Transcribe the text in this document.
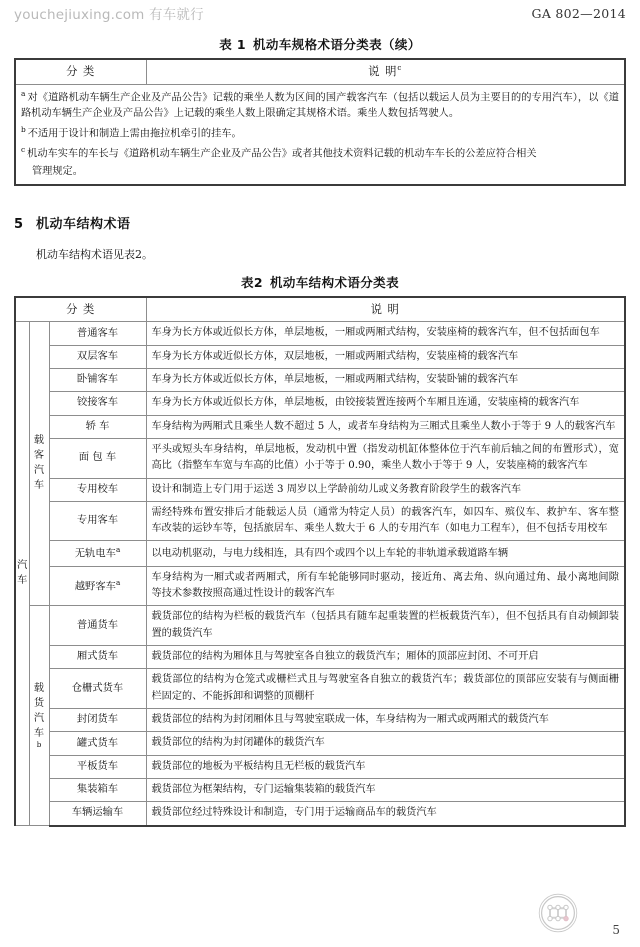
youchejiuxing.com 有车就行	GA 802—2014
表 1 机动车规格术语分类表（续）
分 类	说 明$^c$

$^a$ 对《道路机动车辆生产企业及产品公告》记载的乘坐人数为区间的国产载客汽车（包括以载运人员为主要目的的专用汽车），以《道路机动车辆生产企业及产品公告》上记载的乘坐人数上限确定其规格术语。乘坐人数包括驾驶人。
$^b$ 不适用于设计和制造上需由拖拉机牵引的挂车。
$^c$ 机动车实车的车长与《道路机动车辆生产企业及产品公告》或者其他技术资料记载的机动车车长的公差应符合相关
管理规定。
5 机动车结构术语
机动车结构术语见表2。
表2 机动车结构术语分类表
分 类			说 明

汽
车	载
客
汽
车	普通客车	车身为长方体或近似长方体，单层地板，一厢或两厢式结构，安装座椅的载客汽车，但不包括面包车
		双层客车	车身为长方体或近似长方体，双层地板，一厢或两厢式结构，安装座椅的载客汽车
		卧铺客车	车身为长方体或近似长方体，单层地板，一厢或两厢式结构，安装卧铺的载客汽车
		铰接客车	车身为长方体或近似长方体，单层地板，由铰接装置连接两个车厢且连通，安装座椅的载客汽车
		轿 车	车身结构为两厢式且乘坐人数不超过 5 人，或者车身结构为三厢式且乘坐人数小于等于 9 人的载客汽车
		面 包 车	平头或短头车身结构，单层地板，发动机中置（指发动机缸体整体位于汽车前后轴之间的布置形式），宽高比（指整车车宽与车高的比值）小于等于 0.90，乘坐人数小于等于 9 人，安装座椅的载客汽车
		专用校车	设计和制造上专门用于运送 3 周岁以上学龄前幼儿或义务教育阶段学生的载客汽车
		专用客车	需经特殊布置安排后才能载运人员（通常为特定人员）的载客汽车，如囚车、殡仪车、救护车、客车整车改装的运钞车等，包括旅居车、乘坐人数大于 6 人的专用汽车（如电力工程车），但不包括专用校车
		无轨电车$^a$	以电动机驱动，与电力线相连，具有四个或四个以上车轮的非轨道承载道路车辆
		越野客车$^a$	车身结构为一厢式或者两厢式，所有车轮能够同时驱动，接近角、离去角、纵向通过角、最小离地间隙等技术参数按照高通过性设计的载客汽车

	载
货
汽
车
b	普通货车	载货部位的结构为栏板的载货汽车（包括具有随车起重装置的栏板载货汽车），但不包括具有自动倾卸装置的载货汽车
		厢式货车	载货部位的结构为厢体且与驾驶室各自独立的载货汽车；厢体的顶部应封闭、不可开启
		仓栅式货车	载货部位的结构为仓笼式或栅栏式且与驾驶室各自独立的载货汽车；载货部位的顶部应安装有与侧面栅栏固定的、不能拆卸和调整的顶棚杆
		封闭货车	载货部位的结构为封闭厢体且与驾驶室联成一体，车身结构为一厢式或两厢式的载货汽车
		罐式货车	载货部位的结构为封闭罐体的载货汽车
		平板货车	载货部位的地板为平板结构且无栏板的载货汽车
		集装箱车	载货部位为框架结构，专门运输集装箱的载货汽车
		车辆运输车	载货部位经过特殊设计和制造，专门用于运输商品车的载货汽车
5
